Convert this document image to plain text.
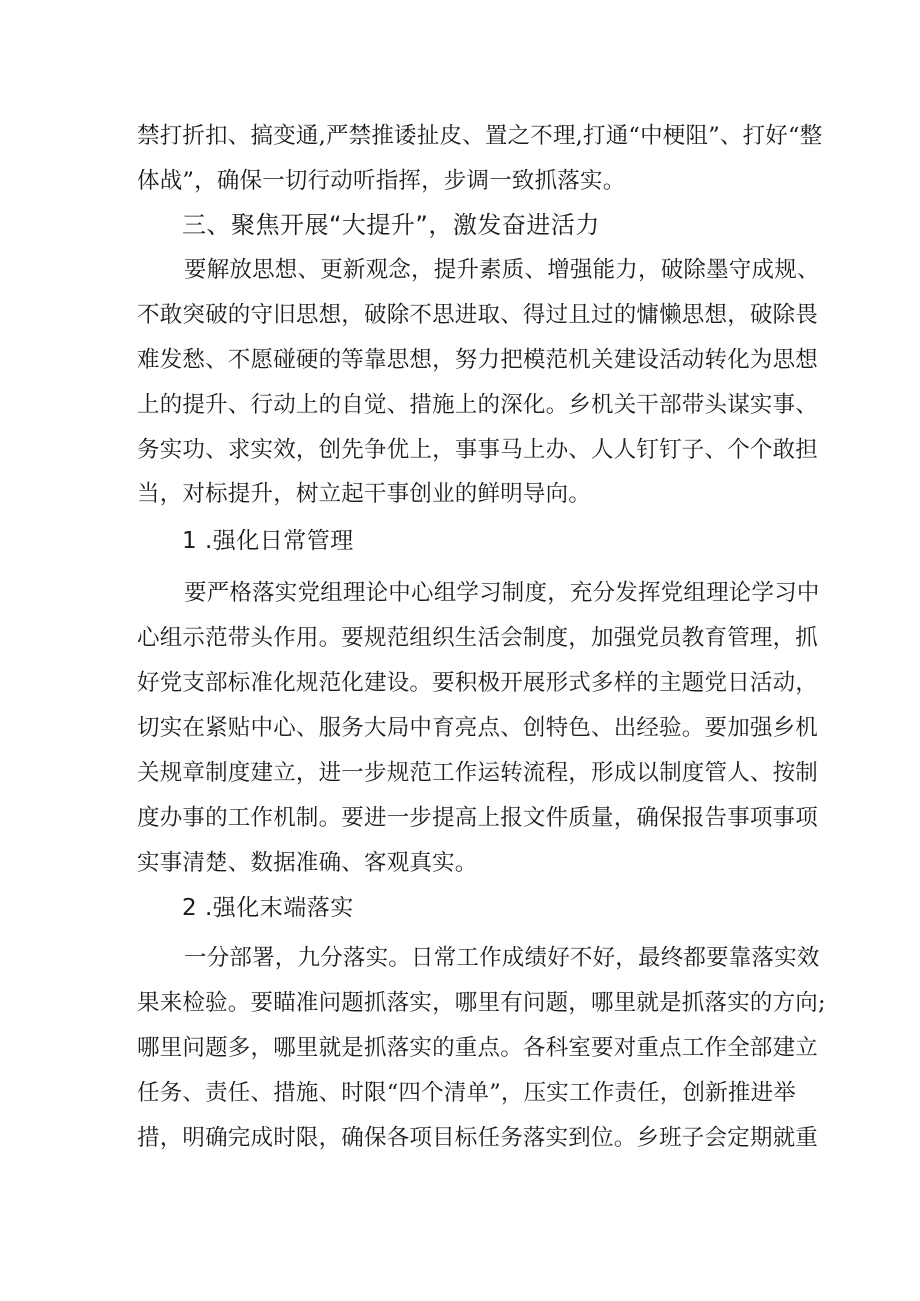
禁打折扣、搞变通,严禁推诿扯皮、置之不理,打通“中梗阻”、打好“整
体战”，确保一切行动听指挥，步调一致抓落实。
三、聚焦开展“大提升”，激发奋进活力
要解放思想、更新观念，提升素质、增强能力，破除墨守成规、
不敢突破的守旧思想，破除不思进取、得过且过的慵懒思想，破除畏
难发愁、不愿碰硬的等靠思想，努力把模范机关建设活动转化为思想
上的提升、行动上的自觉、措施上的深化。乡机关干部带头谋实事、
务实功、求实效，创先争优上，事事马上办、人人钉钉子、个个敢担
当，对标提升，树立起干事创业的鲜明导向。
1 .强化日常管理
要严格落实党组理论中心组学习制度，充分发挥党组理论学习中
心组示范带头作用。要规范组织生活会制度，加强党员教育管理，抓
好党支部标准化规范化建设。要积极开展形式多样的主题党日活动，
切实在紧贴中心、服务大局中育亮点、创特色、出经验。要加强乡机
关规章制度建立，进一步规范工作运转流程，形成以制度管人、按制
度办事的工作机制。要进一步提高上报文件质量，确保报告事项事项
实事清楚、数据准确、客观真实。
2 .强化末端落实
一分部署，九分落实。日常工作成绩好不好，最终都要靠落实效
果来检验。要瞄准问题抓落实，哪里有问题，哪里就是抓落实的方向;
哪里问题多，哪里就是抓落实的重点。各科室要对重点工作全部建立
任务、责任、措施、时限“四个清单”，压实工作责任，创新推进举
措，明确完成时限，确保各项目标任务落实到位。乡班子会定期就重
